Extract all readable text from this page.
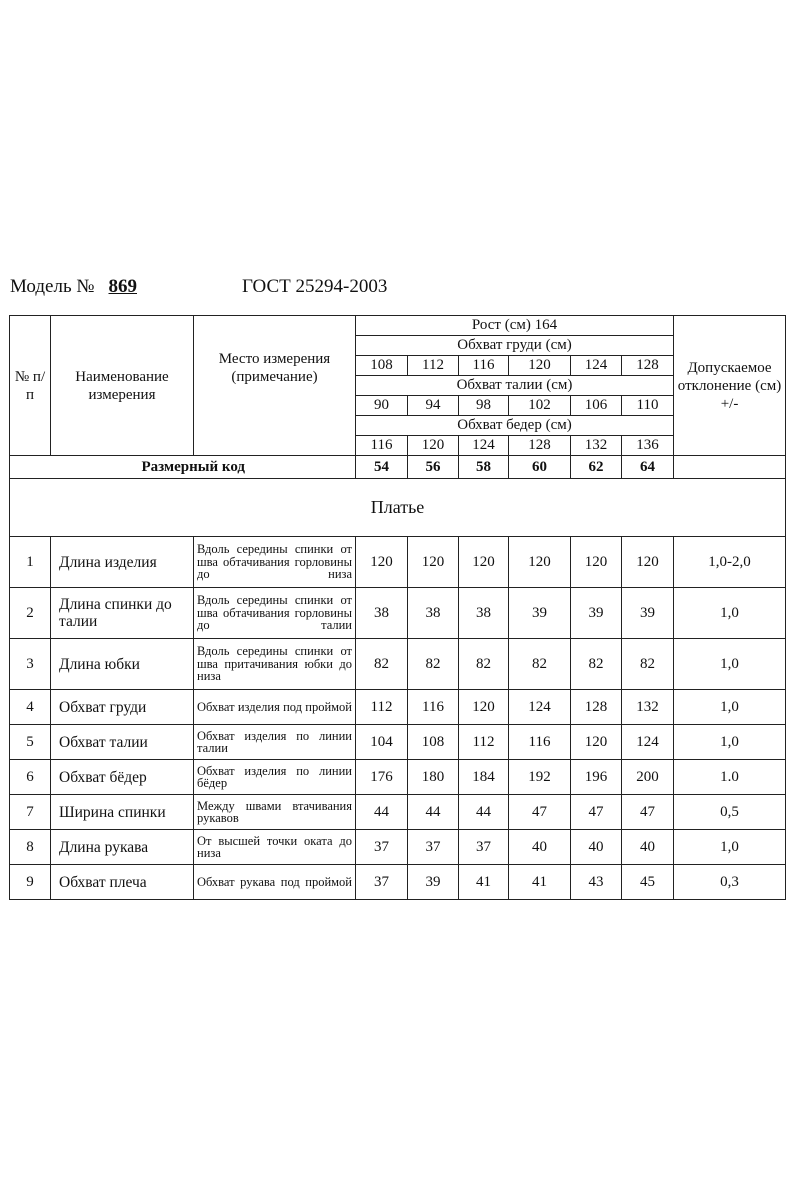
Модель № 869	ГОСТ 25294-2003
№ п/п	Наименование измерения	Место измерения (примечание)	Рост (см) 164						Допускаемое отклонение (см) +/-
			Обхват груди (см)						
			108	112	116	120	124	128	
			Обхват талии (см)						
			90	94	98	102	106	110	
			Обхват бедер (см)						
			116	120	124	128	132	136	
Размерный код			54	56	58	60	62	64	
Платье									
1	Длина изделия	Вдоль середины спинки от шва обтачивания горловины до низа	120	120	120	120	120	120	1,0-2,0
2	Длина спинки до талии	Вдоль середины спинки от шва обтачивания горловины до талии	38	38	38	39	39	39	1,0
3	Длина юбки	Вдоль середины спинки от шва притачивания юбки до низа	82	82	82	82	82	82	1,0
4	Обхват груди	Обхват изделия под проймой	112	116	120	124	128	132	1,0
5	Обхват талии	Обхват изделия по линии талии	104	108	112	116	120	124	1,0
6	Обхват бёдер	Обхват изделия по линии бёдер	176	180	184	192	196	200	1.0
7	Ширина спинки	Между швами втачивания рукавов	44	44	44	47	47	47	0,5
8	Длина рукава	От высшей точки оката до низа	37	37	37	40	40	40	1,0
9	Обхват плеча	Обхват рукава под проймой	37	39	41	41	43	45	0,3
